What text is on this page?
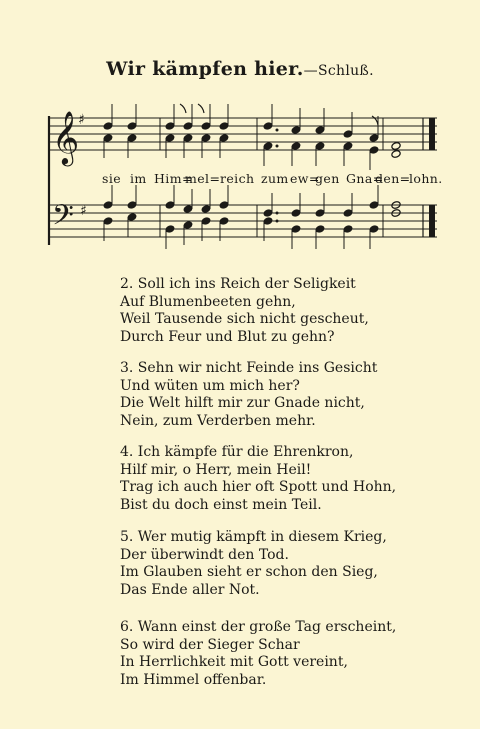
Wir kämpfen hier.—Schluß.
𝄞
𝄢
♯
♯
sie im Him=
mel= reich zum ew=
gen Gna=
den=
lohn.
2. Soll ich ins Reich der Seligkeit
Auf Blumenbeeten gehn,
Weil Tausende sich nicht gescheut,
Durch Feur und Blut zu gehn?
3. Sehn wir nicht Feinde ins Gesicht
Und wüten um mich her?
Die Welt hilft mir zur Gnade nicht,
Nein, zum Verderben mehr.
4. Ich kämpfe für die Ehrenkron,
Hilf mir, o Herr, mein Heil!
Trag ich auch hier oft Spott und Hohn,
Bist du doch einst mein Teil.
5. Wer mutig kämpft in diesem Krieg,
Der überwindt den Tod.
Im Glauben sieht er schon den Sieg,
Das Ende aller Not.
6. Wann einst der große Tag erscheint,
So wird der Sieger Schar
In Herrlichkeit mit Gott vereint,
Im Himmel offenbar.
